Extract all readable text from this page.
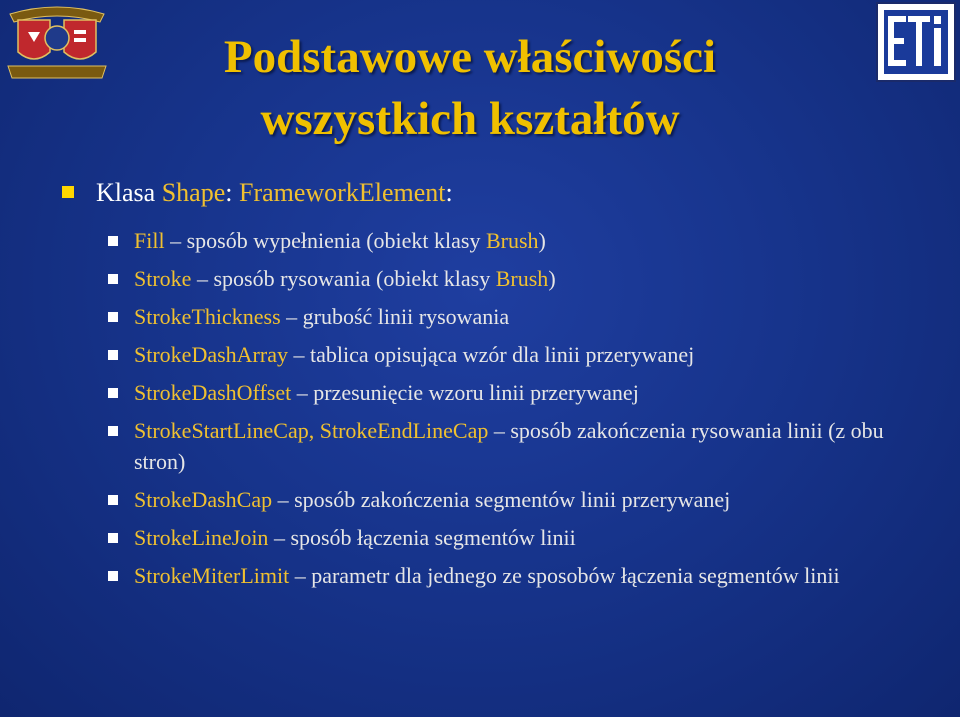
Podstawowe właściwości
wszystkich kształtów
Klasa Shape: FrameworkElement:
Fill – sposób wypełnienia (obiekt klasy Brush)
Stroke – sposób rysowania (obiekt klasy Brush)
StrokeThickness – grubość linii rysowania
StrokeDashArray – tablica opisująca wzór dla linii przerywanej
StrokeDashOffset – przesunięcie wzoru linii przerywanej
StrokeStartLineCap, StrokeEndLineCap – sposób zakończenia rysowania linii (z obu stron)
StrokeDashCap – sposób zakończenia segmentów linii przerywanej
StrokeLineJoin – sposób łączenia segmentów linii
StrokeMiterLimit – parametr dla jednego ze sposobów łączenia segmentów linii
